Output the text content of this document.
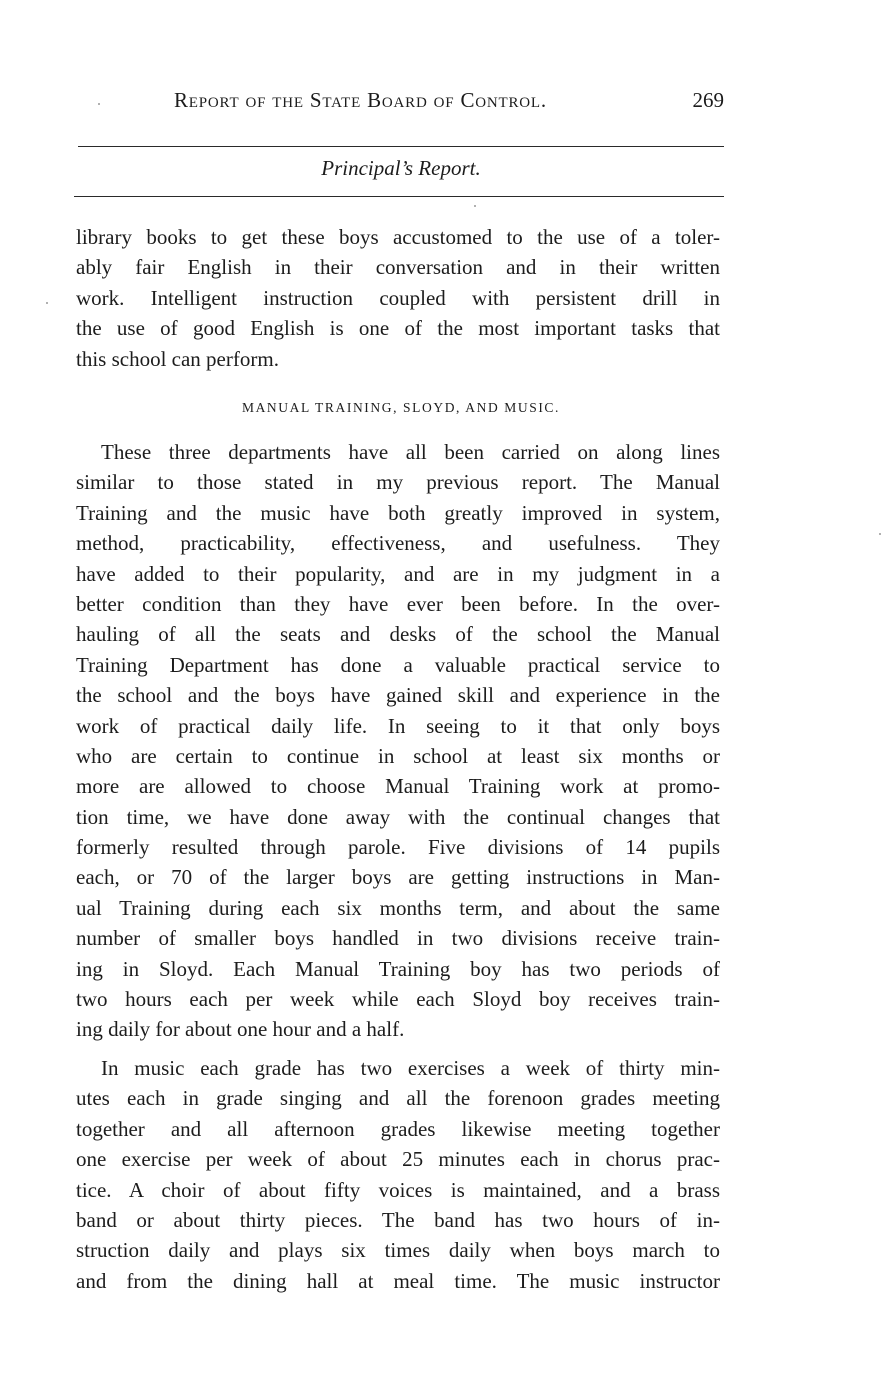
Report of the State Board of Control.	269
Principal’s Report.
library books to get these boys accustomed to the use of a toler-
ably fair English in their conversation and in their written
work. Intelligent instruction coupled with persistent drill in
the use of good English is one of the most important tasks that
this school can perform.
MANUAL TRAINING, SLOYD, AND MUSIC.
These three departments have all been carried on along lines
similar to those stated in my previous report. The Manual
Training and the music have both greatly improved in system,
method, practicability, effectiveness, and usefulness. They
have added to their popularity, and are in my judgment in a
better condition than they have ever been before. In the over-
hauling of all the seats and desks of the school the Manual
Training Department has done a valuable practical service to
the school and the boys have gained skill and experience in the
work of practical daily life. In seeing to it that only boys
who are certain to continue in school at least six months or
more are allowed to choose Manual Training work at promo-
tion time, we have done away with the continual changes that
formerly resulted through parole. Five divisions of 14 pupils
each, or 70 of the larger boys are getting instructions in Man-
ual Training during each six months term, and about the same
number of smaller boys handled in two divisions receive train-
ing in Sloyd. Each Manual Training boy has two periods of
two hours each per week while each Sloyd boy receives train-
ing daily for about one hour and a half.
In music each grade has two exercises a week of thirty min-
utes each in grade singing and all the forenoon grades meeting
together and all afternoon grades likewise meeting together
one exercise per week of about 25 minutes each in chorus prac-
tice. A choir of about fifty voices is maintained, and a brass
band or about thirty pieces. The band has two hours of in-
struction daily and plays six times daily when boys march to
and from the dining hall at meal time. The music instructor
